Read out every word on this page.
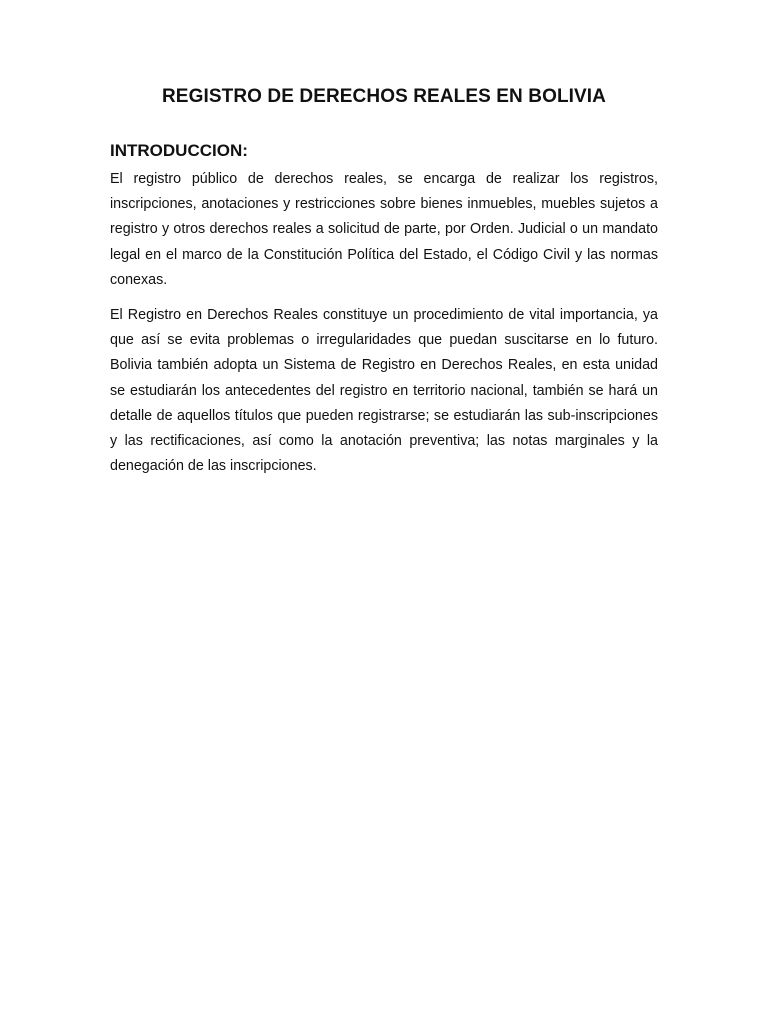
REGISTRO DE DERECHOS REALES EN BOLIVIA
INTRODUCCION:

El registro público de derechos reales, se encarga de realizar los registros, inscripciones, anotaciones y restricciones sobre bienes inmuebles, muebles sujetos a registro y otros derechos reales a solicitud de parte, por Orden. Judicial o un mandato legal en el marco de la Constitución Política del Estado, el Código Civil y las normas conexas.

El Registro en Derechos Reales constituye un procedimiento de vital importancia, ya que así se evita problemas o irregularidades que puedan suscitarse en lo futuro. Bolivia también adopta un Sistema de Registro en Derechos Reales, en esta unidad se estudiarán los antecedentes del registro en territorio nacional, también se hará un detalle de aquellos títulos que pueden registrarse; se estudiarán las sub-inscripciones y las rectificaciones, así como la anotación preventiva; las notas marginales y la denegación de las inscripciones.
